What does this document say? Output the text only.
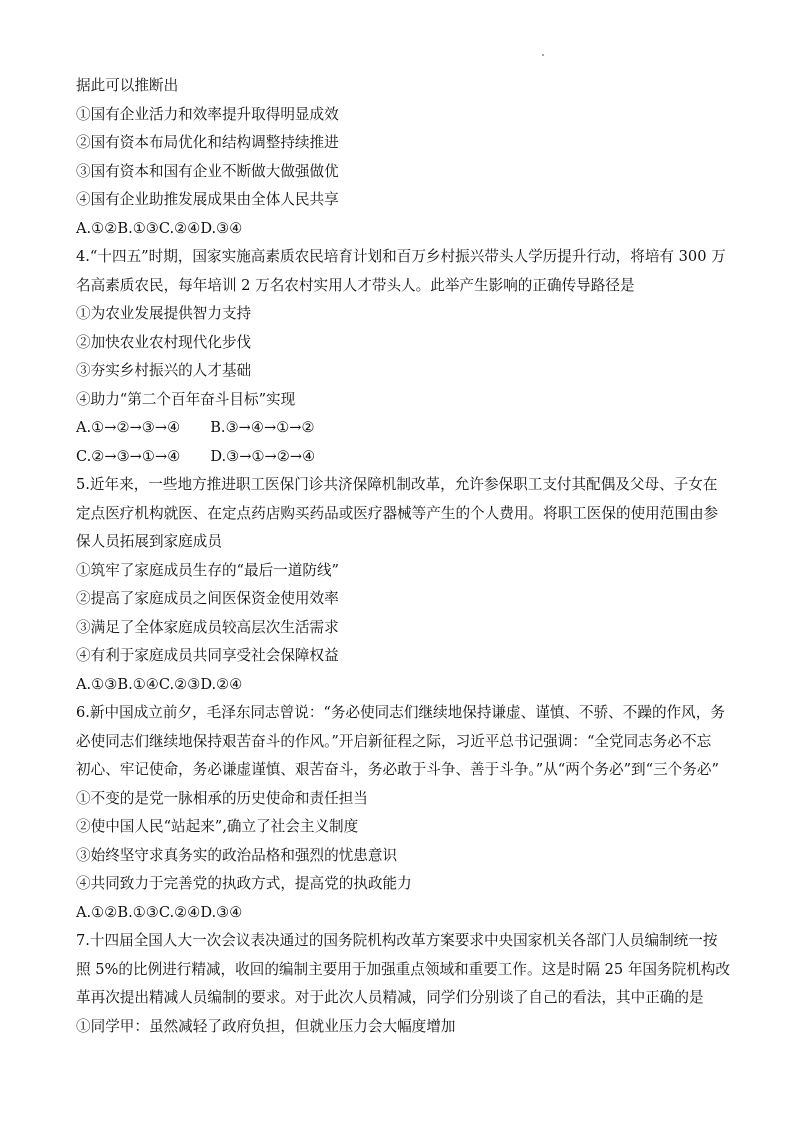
据此可以推断出
①国有企业活力和效率提升取得明显成效
②国有资本布局优化和结构调整持续推进
③国有资本和国有企业不断做大做强做优
④国有企业助推发展成果由全体人民共享
A.①②B.①③C.②④D.③④
4.“十四五”时期，国家实施高素质农民培育计划和百万乡村振兴带头人学历提升行动，将培有 300 万
名高素质农民，每年培训 2 万名农村实用人才带头人。此举产生影响的正确传导路径是
①为农业发展提供智力支持
②加快农业农村现代化步伐
③夯实乡村振兴的人才基础
④助力“第二个百年奋斗目标”实现
A.①→②→③→④ B.③→④→①→②
C.②→③→①→④ D.③→①→②→④
5.近年来，一些地方推进职工医保门诊共济保障机制改革，允许参保职工支付其配偶及父母、子女在
定点医疗机构就医、在定点药店购买药品或医疗器械等产生的个人费用。将职工医保的使用范围由参
保人员拓展到家庭成员
①筑牢了家庭成员生存的“最后一道防线”
②提高了家庭成员之间医保资金使用效率
③满足了全体家庭成员较高层次生活需求
④有利于家庭成员共同享受社会保障权益
A.①③B.①④C.②③D.②④
6.新中国成立前夕，毛泽东同志曾说：“务必使同志们继续地保持谦虚、谨慎、不骄、不躁的作风，务
必使同志们继续地保持艰苦奋斗的作风。”开启新征程之际，习近平总书记强调：“全党同志务必不忘
初心、牢记使命，务必谦虚谨慎、艰苦奋斗，务必敢于斗争、善于斗争。”从“两个务必”到“三个务必”
①不变的是党一脉相承的历史使命和责任担当
②使中国人民“站起来”,确立了社会主义制度
③始终坚守求真务实的政治品格和强烈的忧患意识
④共同致力于完善党的执政方式，提高党的执政能力
A.①②B.①③C.②④D.③④
7.十四届全国人大一次会议表决通过的国务院机构改革方案要求中央国家机关各部门人员编制统一按
照 5%的比例进行精减，收回的编制主要用于加强重点领域和重要工作。这是时隔 25 年国务院机构改
革再次提出精减人员编制的要求。对于此次人员精减，同学们分别谈了自己的看法，其中正确的是
①同学甲：虽然减轻了政府负担，但就业压力会大幅度增加
